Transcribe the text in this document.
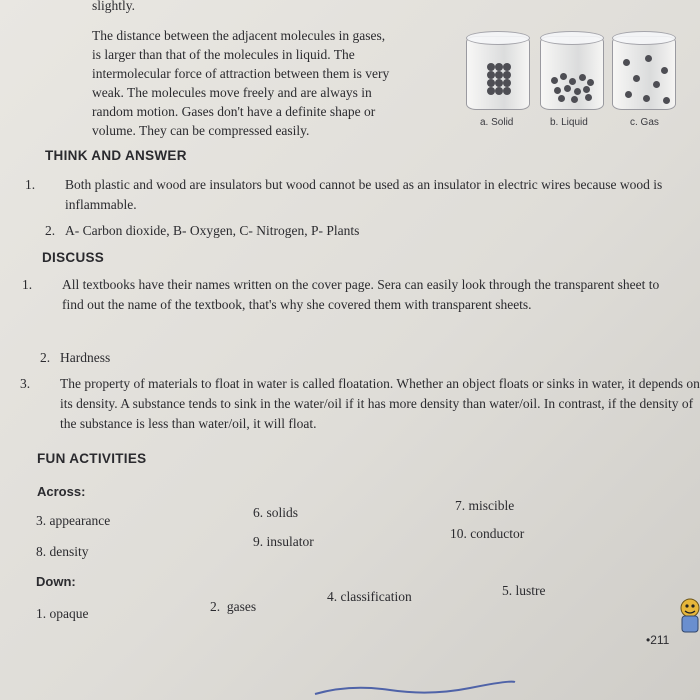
slightly.
The distance between the adjacent molecules in gases,
is larger than that of the molecules in liquid. The
intermolecular force of attraction between them is very
weak. The molecules move freely and are always in
random motion. Gases don't have a definite shape or
volume. They can be compressed easily.
a. Solid	b. Liquid	c. Gas
THINK AND ANSWER
1. Both plastic and wood are insulators but wood cannot be used as an insulator in electric wires because wood is inflammable.
2. A- Carbon dioxide, B- Oxygen, C- Nitrogen, P- Plants
DISCUSS
1. All textbooks have their names written on the cover page. Sera can easily look through the transparent sheet to find out the name of the textbook, that's why she covered them with transparent sheets.
2. Hardness
3. The property of materials to float in water is called floatation. Whether an object floats or sinks in water, it depends on its density. A substance tends to sink in the water/oil if it has more density than water/oil. In contrast, if the density of the substance is less than water/oil, it will float.
FUN ACTIVITIES
Across:
3. appearance
6. solids	7. miscible
8. density
9. insulator
10. conductor
Down:
1. opaque	2.  gases
4. classification	5. lustre
•211
